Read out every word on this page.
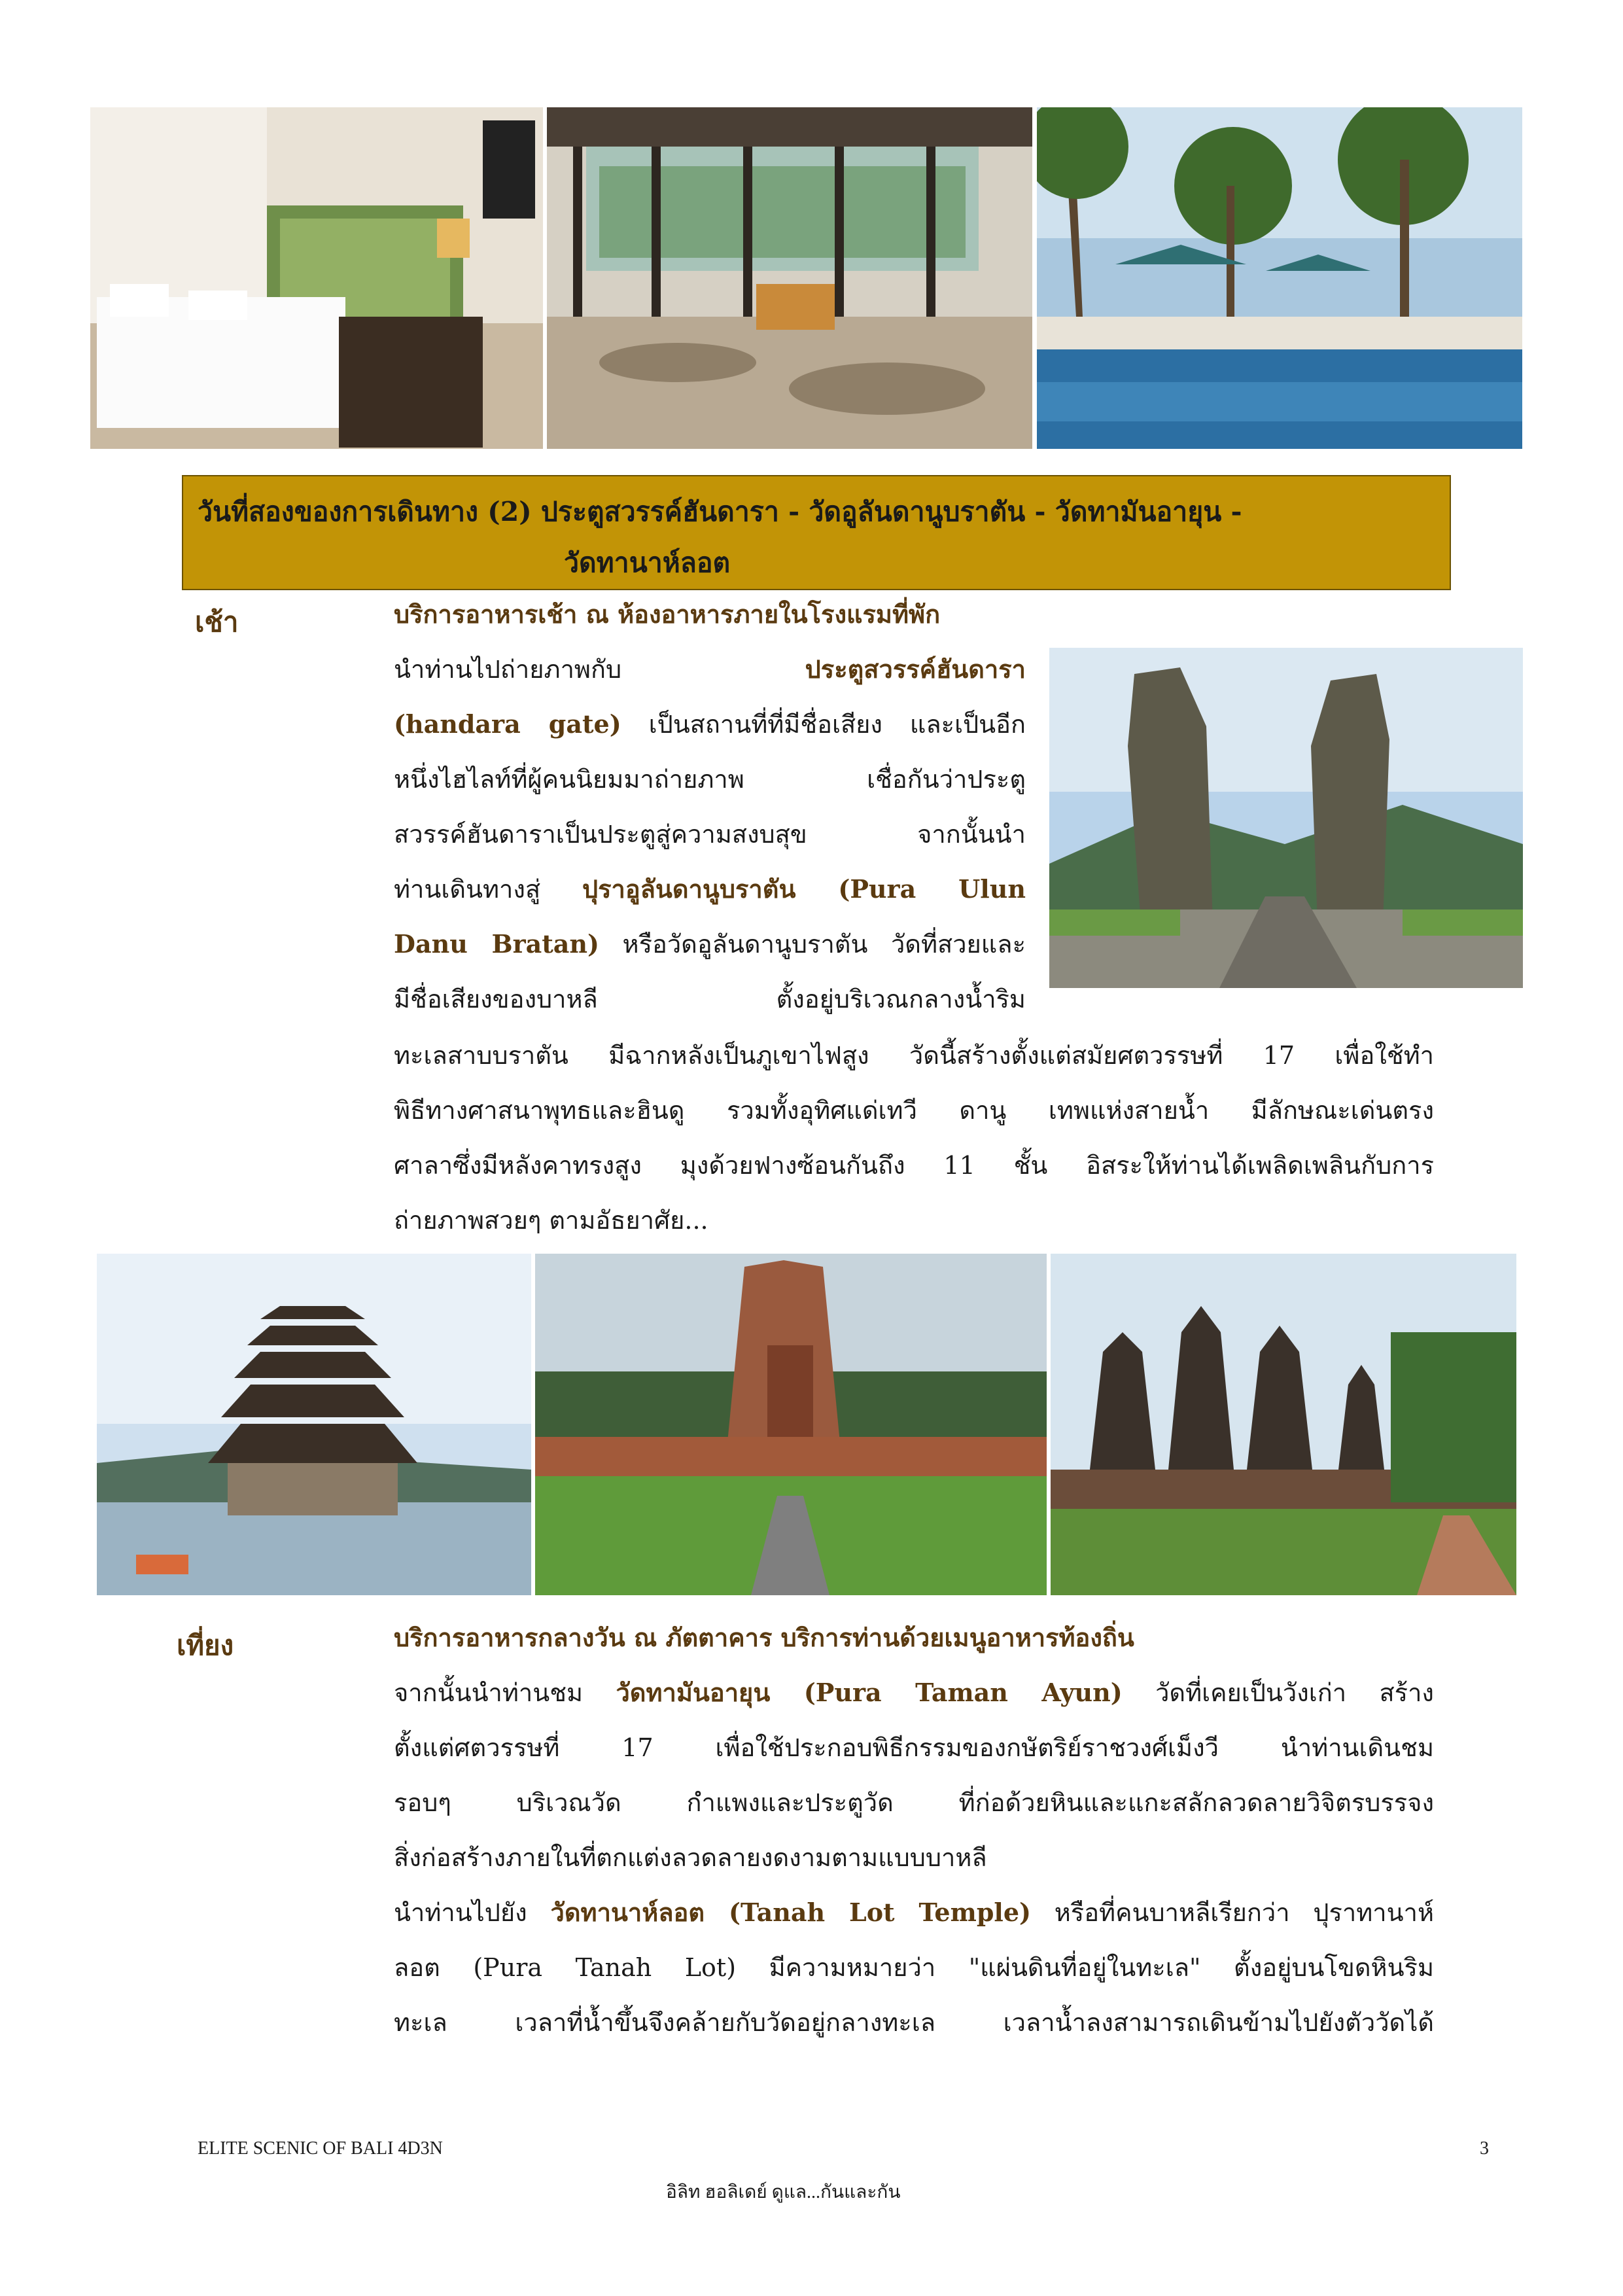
วันที่สองของการเดินทาง (2) ประตูสวรรค์ฮันดารา - วัดอูลันดานูบราตัน - วัดทามันอายุน -
วัดทานาห์ลอต
เช้า	บริการอาหารเช้า ณ ห้องอาหารภายในโรงแรมที่พัก
นำท่านไปถ่ายภาพกับ ประตูสวรรค์ฮันดารา
(handara gate) เป็นสถานที่ที่มีชื่อเสียง และเป็นอีก
หนึ่งไฮไลท์ที่ผู้คนนิยมมาถ่ายภาพ เชื่อกันว่าประตู
สวรรค์ฮันดาราเป็นประตูสู่ความสงบสุข จากนั้นนำ
ท่านเดินทางสู่ ปุราอูลันดานูบราตัน (Pura Ulun
Danu Bratan) หรือวัดอูลันดานูบราตัน วัดที่สวยและ
มีชื่อเสียงของบาหลี ตั้งอยู่บริเวณกลางน้ำริม
ทะเลสาบบราตัน มีฉากหลังเป็นภูเขาไฟสูง วัดนี้สร้างตั้งแต่สมัยศตวรรษที่ 17 เพื่อใช้ทำ
พิธีทางศาสนาพุทธและฮินดู รวมทั้งอุทิศแด่เทวี ดานู เทพแห่งสายน้ำ มีลักษณะเด่นตรง
ศาลาซึ่งมีหลังคาทรงสูง มุงด้วยฟางซ้อนกันถึง 11 ชั้น อิสระให้ท่านได้เพลิดเพลินกับการ
ถ่ายภาพสวยๆ ตามอัธยาศัย...
เที่ยง	บริการอาหารกลางวัน ณ ภัตตาคาร บริการท่านด้วยเมนูอาหารท้องถิ่น
จากนั้นนำท่านชม วัดทามันอายุน (Pura Taman Ayun) วัดที่เคยเป็นวังเก่า สร้าง
ตั้งแต่ศตวรรษที่ 17 เพื่อใช้ประกอบพิธีกรรมของกษัตริย์ราชวงศ์เม็งวี นำท่านเดินชม
รอบๆ บริเวณวัด กำแพงและประตูวัด ที่ก่อด้วยหินและแกะสลักลวดลายวิจิตรบรรจง
สิ่งก่อสร้างภายในที่ตกแต่งลวดลายงดงามตามแบบบาหลี
นำท่านไปยัง วัดทานาห์ลอต (Tanah Lot Temple) หรือที่คนบาหลีเรียกว่า ปุราทานาห์
ลอต (Pura Tanah Lot) มีความหมายว่า "แผ่นดินที่อยู่ในทะเล" ตั้งอยู่บนโขดหินริม
ทะเล เวลาที่น้ำขึ้นจึงคล้ายกับวัดอยู่กลางทะเล เวลาน้ำลงสามารถเดินข้ามไปยังตัววัดได้
ELITE SCENIC OF BALI 4D3N	3
อิลิท ฮอลิเดย์ ดูแล...กันและกัน
